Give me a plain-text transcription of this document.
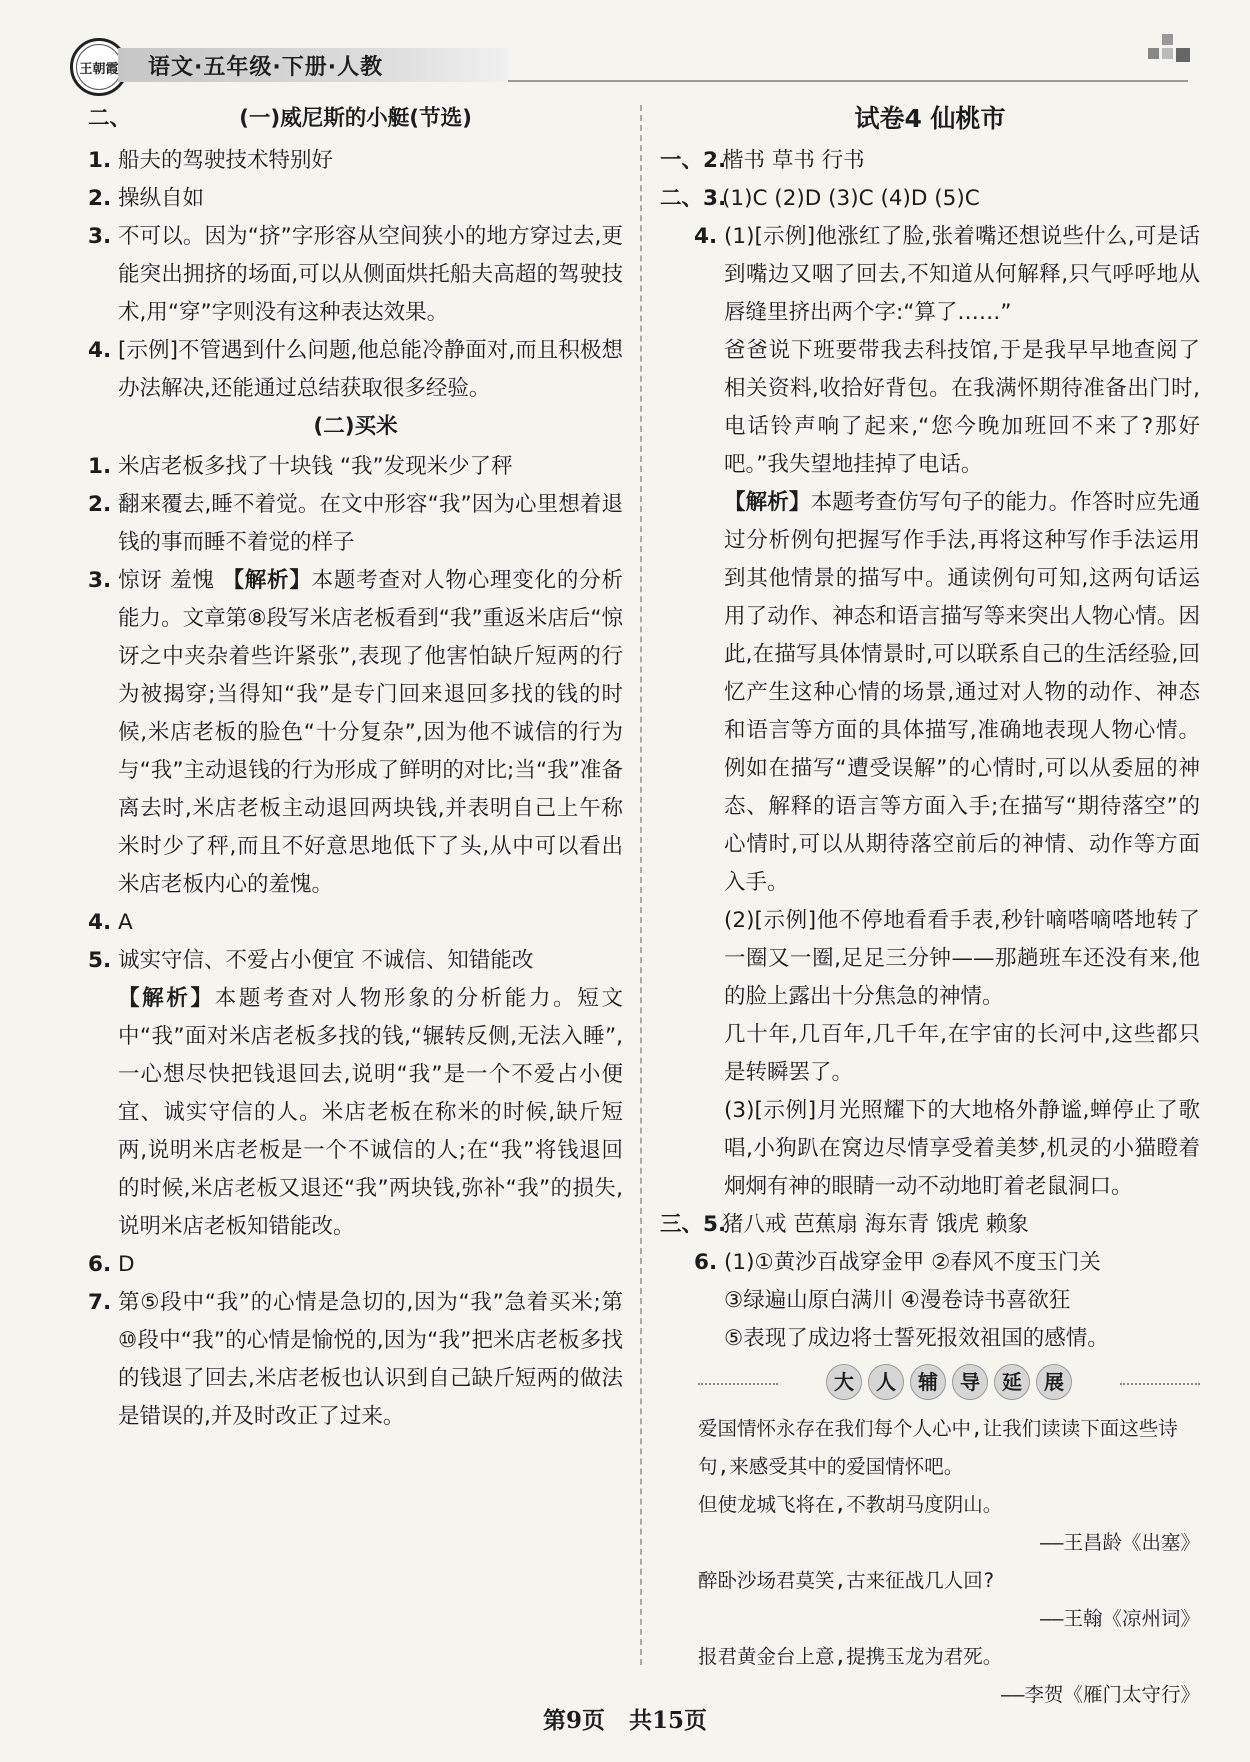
王朝霞	语文·五年级·下册·人教
二、	(一)威尼斯的小艇(节选)
1. 船夫的驾驶技术特别好
2. 操纵自如
3. 不可以。因为“挤”字形容从空间狭小的地方穿过去,更能突出拥挤的场面,可以从侧面烘托船夫高超的驾驶技术,用“穿”字则没有这种表达效果。
4. [示例]不管遇到什么问题,他总能冷静面对,而且积极想办法解决,还能通过总结获取很多经验。
(二)买米
1. 米店老板多找了十块钱 “我”发现米少了秤
2. 翻来覆去,睡不着觉。在文中形容“我”因为心里想着退钱的事而睡不着觉的样子
3. 惊讶 羞愧 【解析】本题考查对人物心理变化的分析能力。文章第⑧段写米店老板看到“我”重返米店后“惊讶之中夹杂着些许紧张”,表现了他害怕缺斤短两的行为被揭穿;当得知“我”是专门回来退回多找的钱的时候,米店老板的脸色“十分复杂”,因为他不诚信的行为与“我”主动退钱的行为形成了鲜明的对比;当“我”准备离去时,米店老板主动退回两块钱,并表明自己上午称米时少了秤,而且不好意思地低下了头,从中可以看出米店老板内心的羞愧。
4. A
5. 诚实守信、不爱占小便宜 不诚信、知错能改
【解析】本题考查对人物形象的分析能力。短文中“我”面对米店老板多找的钱,“辗转反侧,无法入睡”,一心想尽快把钱退回去,说明“我”是一个不爱占小便宜、诚实守信的人。米店老板在称米的时候,缺斤短两,说明米店老板是一个不诚信的人;在“我”将钱退回的时候,米店老板又退还“我”两块钱,弥补“我”的损失,说明米店老板知错能改。
6. D
7. 第⑤段中“我”的心情是急切的,因为“我”急着买米;第⑩段中“我”的心情是愉悦的,因为“我”把米店老板多找的钱退了回去,米店老板也认识到自己缺斤短两的做法是错误的,并及时改正了过来。
试卷4 仙桃市
一、2.
楷书 草书 行书
二、3.
(1)C (2)D (3)C (4)D (5)C
4. (1)[示例]他涨红了脸,张着嘴还想说些什么,可是话到嘴边又咽了回去,不知道从何解释,只气呼呼地从唇缝里挤出两个字:“算了……”
爸爸说下班要带我去科技馆,于是我早早地查阅了相关资料,收拾好背包。在我满怀期待准备出门时,电话铃声响了起来,“您今晚加班回不来了?那好吧。”我失望地挂掉了电话。
【解析】本题考查仿写句子的能力。作答时应先通过分析例句把握写作手法,再将这种写作手法运用到其他情景的描写中。通读例句可知,这两句话运用了动作、神态和语言描写等来突出人物心情。因此,在描写具体情景时,可以联系自己的生活经验,回忆产生这种心情的场景,通过对人物的动作、神态和语言等方面的具体描写,准确地表现人物心情。例如在描写“遭受误解”的心情时,可以从委屈的神态、解释的语言等方面入手;在描写“期待落空”的心情时,可以从期待落空前后的神情、动作等方面入手。
(2)[示例]他不停地看看手表,秒针嘀嗒嘀嗒地转了一圈又一圈,足足三分钟——那趟班车还没有来,他的脸上露出十分焦急的神情。
几十年,几百年,几千年,在宇宙的长河中,这些都只是转瞬罢了。
(3)[示例]月光照耀下的大地格外静谧,蝉停止了歌唱,小狗趴在窝边尽情享受着美梦,机灵的小猫瞪着炯炯有神的眼睛一动不动地盯着老鼠洞口。
三、5.
猪八戒 芭蕉扇 海东青 饿虎 赖象
6. (1)①黄沙百战穿金甲 ②春风不度玉门关
③绿遍山原白满川 ④漫卷诗书喜欲狂
⑤表现了成边将士誓死报效祖国的感情。
大	人	辅	导	延	展
爱国情怀永存在我们每个人心中,让我们读读下面这些诗句,来感受其中的爱国情怀吧。
但使龙城飞将在,不教胡马度阴山。
——王昌龄《出塞》
醉卧沙场君莫笑,古来征战几人回?
——王翰《凉州词》
报君黄金台上意,提携玉龙为君死。
——李贺《雁门太守行》
第9页 共15页
